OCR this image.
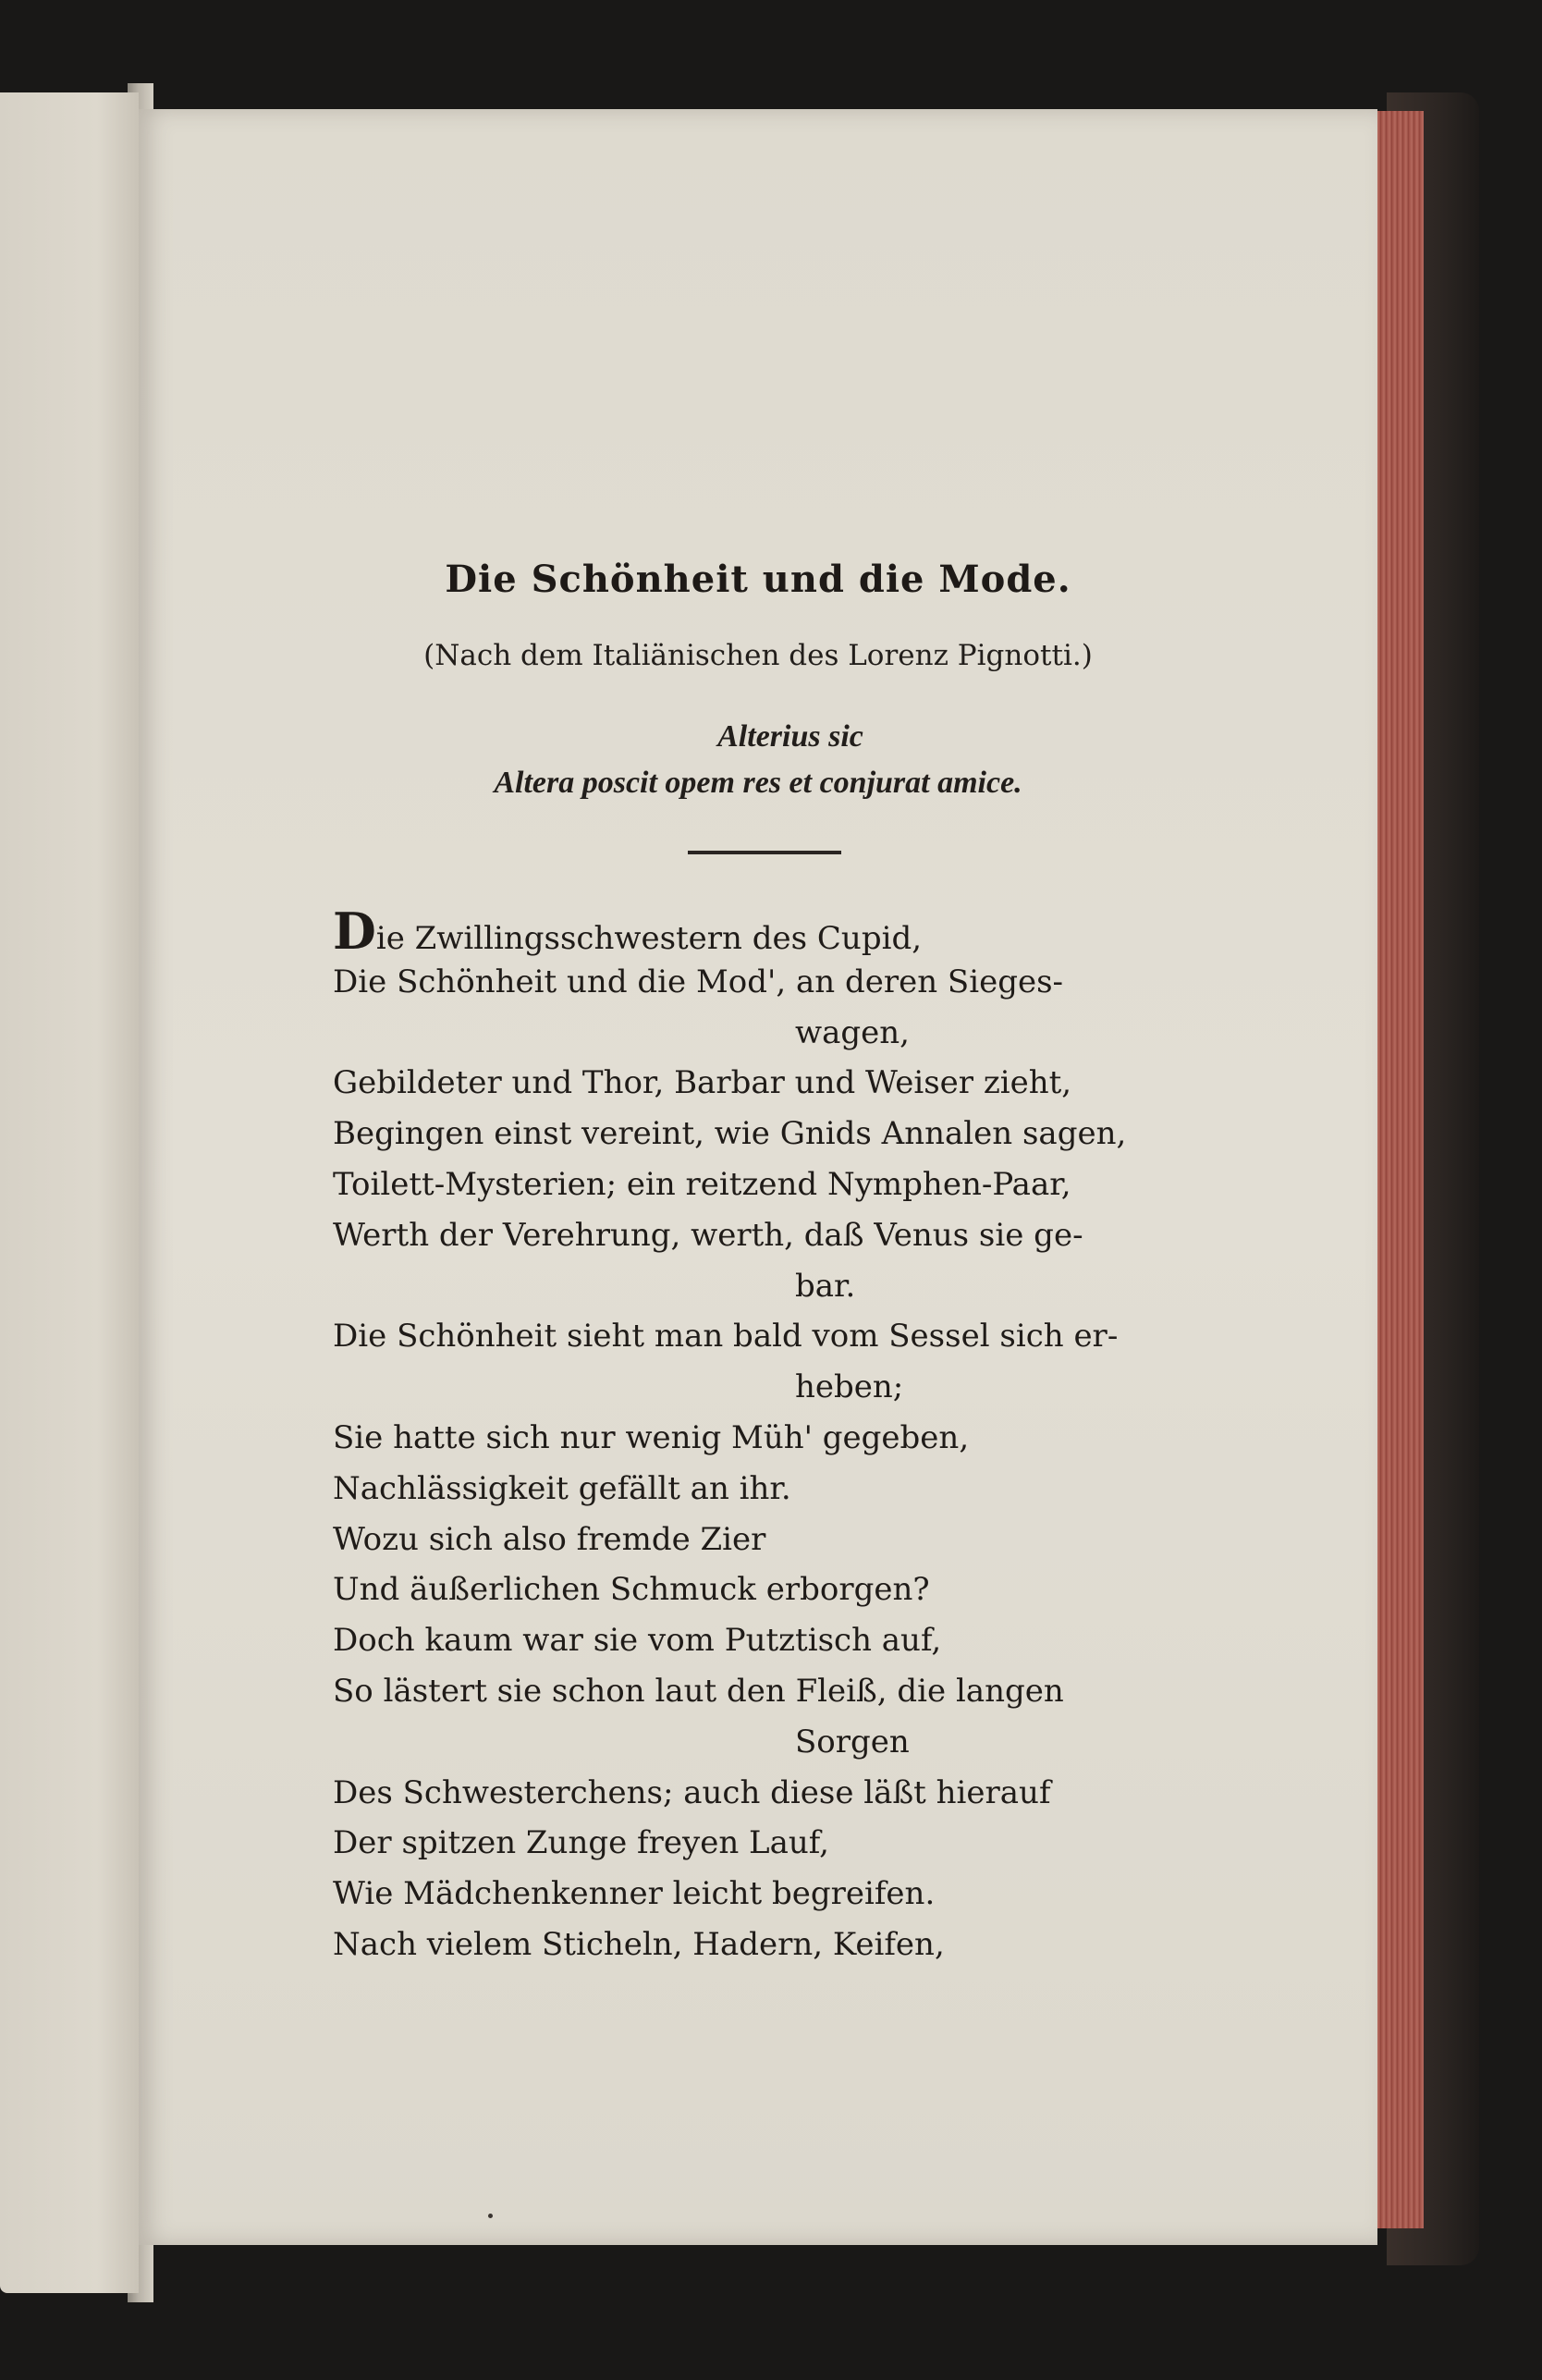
Die Schönheit und die Mode.
(Nach dem Italiänischen des Lorenz Pignotti.)
Alterius sic
Altera poscit opem res et conjurat amice.
Die Zwillingsschwestern des Cupid,
Die Schönheit und die Mod', an deren Sieges-
wagen,
Gebildeter und Thor, Barbar und Weiser zieht,
Begingen einst vereint, wie Gnids Annalen sagen,
Toilett-Mysterien; ein reitzend Nymphen-Paar,
Werth der Verehrung, werth, daß Venus sie ge-
bar.
Die Schönheit sieht man bald vom Sessel sich er-
heben;
Sie hatte sich nur wenig Müh' gegeben,
Nachlässigkeit gefällt an ihr.
Wozu sich also fremde Zier
Und äußerlichen Schmuck erborgen?
Doch kaum war sie vom Putztisch auf,
So lästert sie schon laut den Fleiß, die langen
Sorgen
Des Schwesterchens; auch diese läßt hierauf
Der spitzen Zunge freyen Lauf,
Wie Mädchenkenner leicht begreifen.
Nach vielem Sticheln, Hadern, Keifen,
